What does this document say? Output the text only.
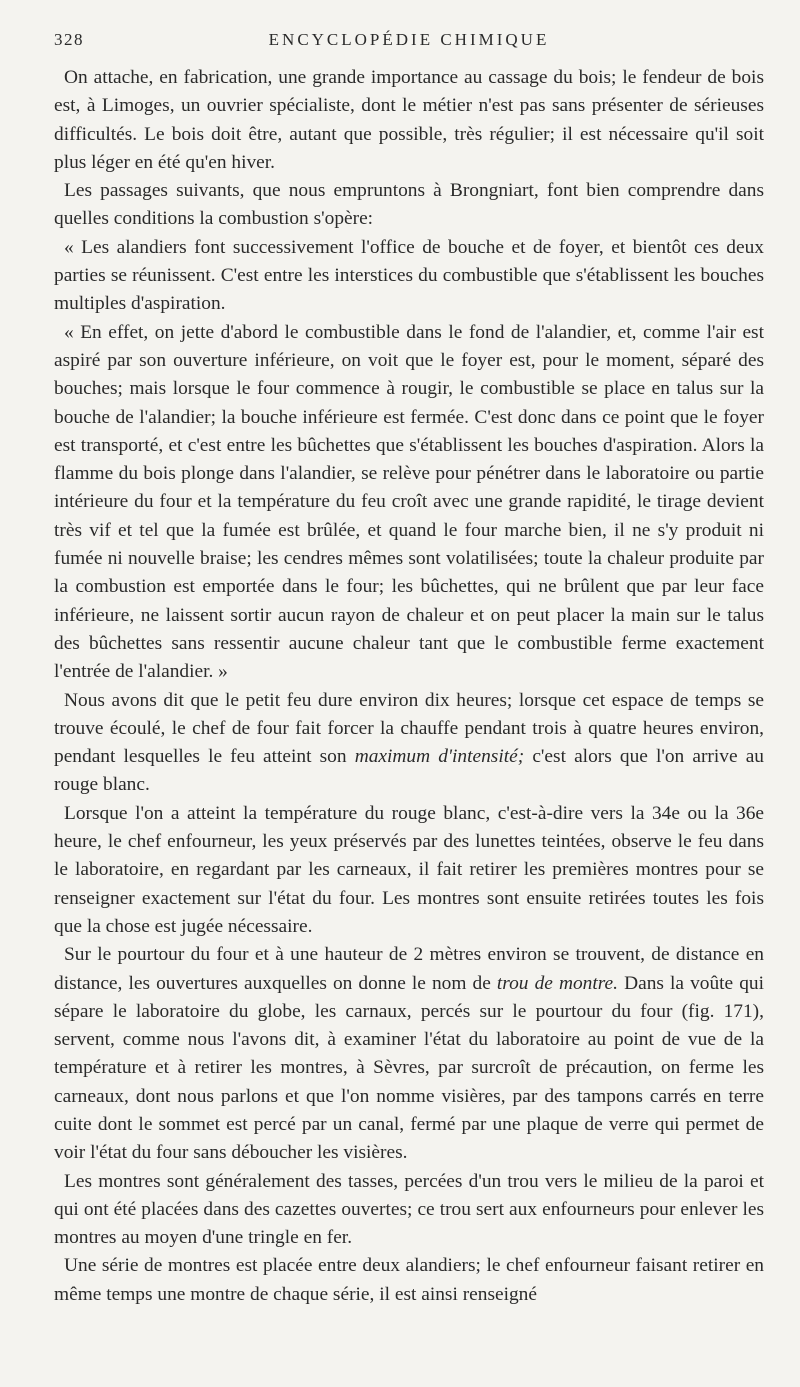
328	ENCYCLOPÉDIE CHIMIQUE

On attache, en fabrication, une grande importance au cassage du bois; le fendeur de bois est, à Limoges, un ouvrier spécialiste, dont le métier n'est pas sans présenter de sérieuses difficultés. Le bois doit être, autant que possible, très régulier; il est nécessaire qu'il soit plus léger en été qu'en hiver.

Les passages suivants, que nous empruntons à Brongniart, font bien comprendre dans quelles conditions la combustion s'opère:

« Les alandiers font successivement l'office de bouche et de foyer, et bientôt ces deux parties se réunissent. C'est entre les interstices du combustible que s'établissent les bouches multiples d'aspiration.

« En effet, on jette d'abord le combustible dans le fond de l'alandier, et, comme l'air est aspiré par son ouverture inférieure, on voit que le foyer est, pour le moment, séparé des bouches; mais lorsque le four commence à rougir, le combustible se place en talus sur la bouche de l'alandier; la bouche inférieure est fermée. C'est donc dans ce point que le foyer est transporté, et c'est entre les bûchettes que s'établissent les bouches d'aspiration. Alors la flamme du bois plonge dans l'alandier, se relève pour pénétrer dans le laboratoire ou partie intérieure du four et la température du feu croît avec une grande rapidité, le tirage devient très vif et tel que la fumée est brûlée, et quand le four marche bien, il ne s'y produit ni fumée ni nouvelle braise; les cendres mêmes sont volatilisées; toute la chaleur produite par la combustion est emportée dans le four; les bûchettes, qui ne brûlent que par leur face inférieure, ne laissent sortir aucun rayon de chaleur et on peut placer la main sur le talus des bûchettes sans ressentir aucune chaleur tant que le combustible ferme exactement l'entrée de l'alandier. »

Nous avons dit que le petit feu dure environ dix heures; lorsque cet espace de temps se trouve écoulé, le chef de four fait forcer la chauffe pendant trois à quatre heures environ, pendant lesquelles le feu atteint son maximum d'intensité; c'est alors que l'on arrive au rouge blanc.

Lorsque l'on a atteint la température du rouge blanc, c'est-à-dire vers la 34e ou la 36e heure, le chef enfourneur, les yeux préservés par des lunettes teintées, observe le feu dans le laboratoire, en regardant par les carneaux, il fait retirer les premières montres pour se renseigner exactement sur l'état du four. Les montres sont ensuite retirées toutes les fois que la chose est jugée nécessaire.

Sur le pourtour du four et à une hauteur de 2 mètres environ se trouvent, de distance en distance, les ouvertures auxquelles on donne le nom de trou de montre. Dans la voûte qui sépare le laboratoire du globe, les carnaux, percés sur le pourtour du four (fig. 171), servent, comme nous l'avons dit, à examiner l'état du laboratoire au point de vue de la température et à retirer les montres, à Sèvres, par surcroît de précaution, on ferme les carneaux, dont nous parlons et que l'on nomme visières, par des tampons carrés en terre cuite dont le sommet est percé par un canal, fermé par une plaque de verre qui permet de voir l'état du four sans déboucher les visières.

Les montres sont généralement des tasses, percées d'un trou vers le milieu de la paroi et qui ont été placées dans des cazettes ouvertes; ce trou sert aux enfourneurs pour enlever les montres au moyen d'une tringle en fer.

Une série de montres est placée entre deux alandiers; le chef enfourneur faisant retirer en même temps une montre de chaque série, il est ainsi renseigné
